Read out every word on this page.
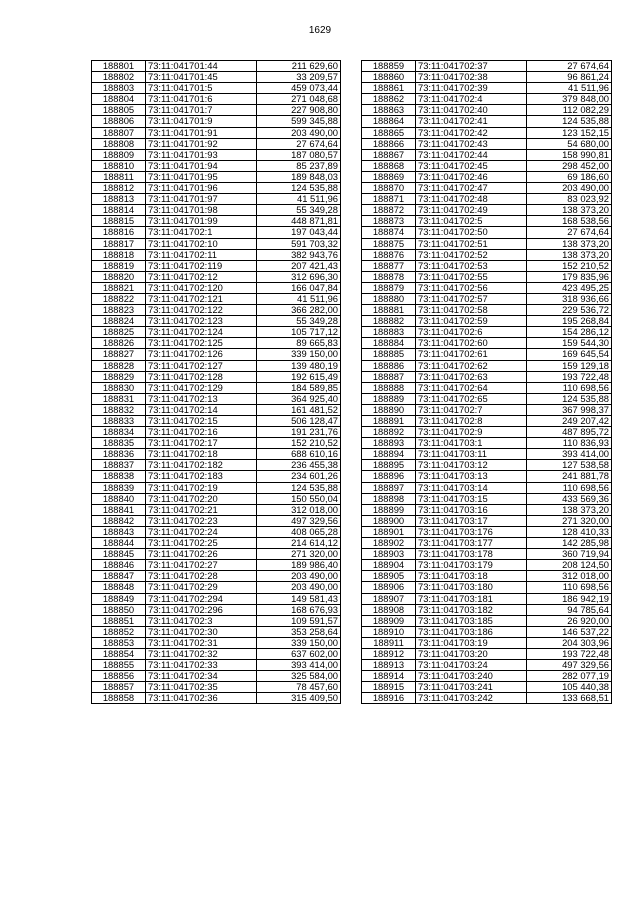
1629
188801	73:11:041701:44	211 629,60
188802	73:11:041701:45	33 209,57
188803	73:11:041701:5	459 073,44
188804	73:11:041701:6	271 048,68
188805	73:11:041701:7	227 908,80
188806	73:11:041701:9	599 345,88
188807	73:11:041701:91	203 490,00
188808	73:11:041701:92	27 674,64
188809	73:11:041701:93	187 080,57
188810	73:11:041701:94	85 237,89
188811	73:11:041701:95	189 848,03
188812	73:11:041701:96	124 535,88
188813	73:11:041701:97	41 511,96
188814	73:11:041701:98	55 349,28
188815	73:11:041701:99	448 871,81
188816	73:11:041702:1	197 043,44
188817	73:11:041702:10	591 703,32
188818	73:11:041702:11	382 943,76
188819	73:11:041702:119	207 421,43
188820	73:11:041702:12	312 696,30
188821	73:11:041702:120	166 047,84
188822	73:11:041702:121	41 511,96
188823	73:11:041702:122	366 282,00
188824	73:11:041702:123	55 349,28
188825	73:11:041702:124	105 717,12
188826	73:11:041702:125	89 665,83
188827	73:11:041702:126	339 150,00
188828	73:11:041702:127	139 480,19
188829	73:11:041702:128	192 615,49
188830	73:11:041702:129	184 589,85
188831	73:11:041702:13	364 925,40
188832	73:11:041702:14	161 481,52
188833	73:11:041702:15	506 128,47
188834	73:11:041702:16	191 231,76
188835	73:11:041702:17	152 210,52
188836	73:11:041702:18	688 610,16
188837	73:11:041702:182	236 455,38
188838	73:11:041702:183	234 601,26
188839	73:11:041702:19	124 535,88
188840	73:11:041702:20	150 550,04
188841	73:11:041702:21	312 018,00
188842	73:11:041702:23	497 329,56
188843	73:11:041702:24	408 065,28
188844	73:11:041702:25	214 614,12
188845	73:11:041702:26	271 320,00
188846	73:11:041702:27	189 986,40
188847	73:11:041702:28	203 490,00
188848	73:11:041702:29	203 490,00
188849	73:11:041702:294	149 581,43
188850	73:11:041702:296	168 676,93
188851	73:11:041702:3	109 591,57
188852	73:11:041702:30	353 258,64
188853	73:11:041702:31	339 150,00
188854	73:11:041702:32	637 602,00
188855	73:11:041702:33	393 414,00
188856	73:11:041702:34	325 584,00
188857	73:11:041702:35	78 457,60
188858	73:11:041702:36	315 409,50
188859	73:11:041702:37	27 674,64
188860	73:11:041702:38	96 861,24
188861	73:11:041702:39	41 511,96
188862	73:11:041702:4	379 848,00
188863	73:11:041702:40	112 082,29
188864	73:11:041702:41	124 535,88
188865	73:11:041702:42	123 152,15
188866	73:11:041702:43	54 680,00
188867	73:11:041702:44	158 990,81
188868	73:11:041702:45	298 452,00
188869	73:11:041702:46	69 186,60
188870	73:11:041702:47	203 490,00
188871	73:11:041702:48	83 023,92
188872	73:11:041702:49	138 373,20
188873	73:11:041702:5	168 538,56
188874	73:11:041702:50	27 674,64
188875	73:11:041702:51	138 373,20
188876	73:11:041702:52	138 373,20
188877	73:11:041702:53	152 210,52
188878	73:11:041702:55	179 835,96
188879	73:11:041702:56	423 495,25
188880	73:11:041702:57	318 936,66
188881	73:11:041702:58	229 536,72
188882	73:11:041702:59	195 268,84
188883	73:11:041702:6	154 286,12
188884	73:11:041702:60	159 544,30
188885	73:11:041702:61	169 645,54
188886	73:11:041702:62	159 129,18
188887	73:11:041702:63	193 722,48
188888	73:11:041702:64	110 698,56
188889	73:11:041702:65	124 535,88
188890	73:11:041702:7	367 998,37
188891	73:11:041702:8	249 207,42
188892	73:11:041702:9	487 895,72
188893	73:11:041703:1	110 836,93
188894	73:11:041703:11	393 414,00
188895	73:11:041703:12	127 538,58
188896	73:11:041703:13	241 881,78
188897	73:11:041703:14	110 698,56
188898	73:11:041703:15	433 569,36
188899	73:11:041703:16	138 373,20
188900	73:11:041703:17	271 320,00
188901	73:11:041703:176	128 410,33
188902	73:11:041703:177	142 285,98
188903	73:11:041703:178	360 719,94
188904	73:11:041703:179	208 124,50
188905	73:11:041703:18	312 018,00
188906	73:11:041703:180	110 698,56
188907	73:11:041703:181	186 942,19
188908	73:11:041703:182	94 785,64
188909	73:11:041703:185	26 920,00
188910	73:11:041703:186	146 537,22
188911	73:11:041703:19	204 303,96
188912	73:11:041703:20	193 722,48
188913	73:11:041703:24	497 329,56
188914	73:11:041703:240	282 077,19
188915	73:11:041703:241	105 440,38
188916	73:11:041703:242	133 668,51
